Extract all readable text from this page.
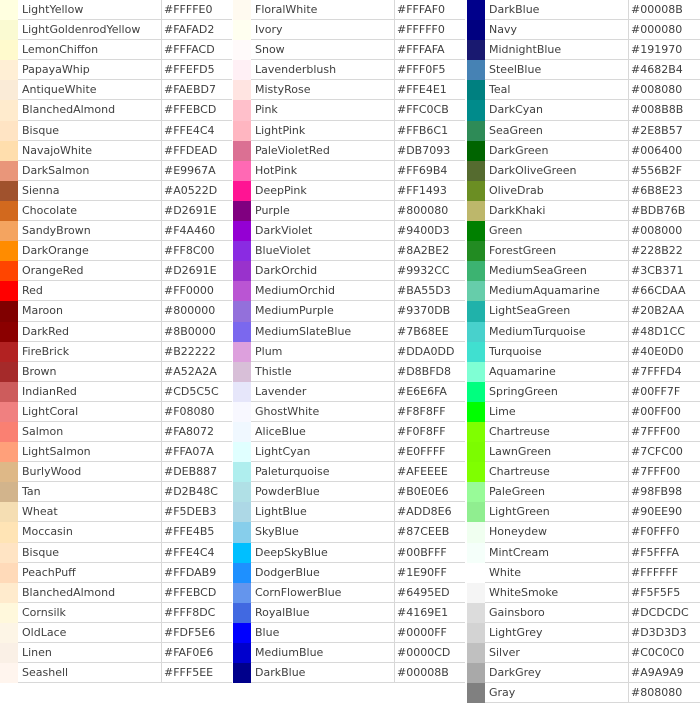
LightYellow	#FFFFE0
LightGoldenrodYellow	#FAFAD2
LemonChiffon	#FFFACD
PapayaWhip	#FFEFD5
AntiqueWhite	#FAEBD7
BlanchedAlmond	#FFEBCD
Bisque	#FFE4C4
NavajoWhite	#FFDEAD
DarkSalmon	#E9967A
Sienna	#A0522D
Chocolate	#D2691E
SandyBrown	#F4A460
DarkOrange	#FF8C00
OrangeRed	#D2691E
Red	#FF0000
Maroon	#800000
DarkRed	#8B0000
FireBrick	#B22222
Brown	#A52A2A
IndianRed	#CD5C5C
LightCoral	#F08080
Salmon	#FA8072
LightSalmon	#FFA07A
BurlyWood	#DEB887
Tan	#D2B48C
Wheat	#F5DEB3
Moccasin	#FFE4B5
Bisque	#FFE4C4
PeachPuff	#FFDAB9
BlanchedAlmond	#FFEBCD
Cornsilk	#FFF8DC
OldLace	#FDF5E6
Linen	#FAF0E6
Seashell	#FFF5EE
FloralWhite	#FFFAF0
Ivory	#FFFFF0
Snow	#FFFAFA
Lavenderblush	#FFF0F5
MistyRose	#FFE4E1
Pink	#FFC0CB
LightPink	#FFB6C1
PaleVioletRed	#DB7093
HotPink	#FF69B4
DeepPink	#FF1493
Purple	#800080
DarkViolet	#9400D3
BlueViolet	#8A2BE2
DarkOrchid	#9932CC
MediumOrchid	#BA55D3
MediumPurple	#9370DB
MediumSlateBlue	#7B68EE
Plum	#DDA0DD
Thistle	#D8BFD8
Lavender	#E6E6FA
GhostWhite	#F8F8FF
AliceBlue	#F0F8FF
LightCyan	#E0FFFF
Paleturquoise	#AFEEEE
PowderBlue	#B0E0E6
LightBlue	#ADD8E6
SkyBlue	#87CEEB
DeepSkyBlue	#00BFFF
DodgerBlue	#1E90FF
CornFlowerBlue	#6495ED
RoyalBlue	#4169E1
Blue	#0000FF
MediumBlue	#0000CD
DarkBlue	#00008B
DarkBlue	#00008B
Navy	#000080
MidnightBlue	#191970
SteelBlue	#4682B4
Teal	#008080
DarkCyan	#008B8B
SeaGreen	#2E8B57
DarkGreen	#006400
DarkOliveGreen	#556B2F
OliveDrab	#6B8E23
DarkKhaki	#BDB76B
Green	#008000
ForestGreen	#228B22
MediumSeaGreen	#3CB371
MediumAquamarine	#66CDAA
LightSeaGreen	#20B2AA
MediumTurquoise	#48D1CC
Turquoise	#40E0D0
Aquamarine	#7FFFD4
SpringGreen	#00FF7F
Lime	#00FF00
Chartreuse	#7FFF00
LawnGreen	#7CFC00
Chartreuse	#7FFF00
PaleGreen	#98FB98
LightGreen	#90EE90
Honeydew	#F0FFF0
MintCream	#F5FFFA
White	#FFFFFF
WhiteSmoke	#F5F5F5
Gainsboro	#DCDCDC
LightGrey	#D3D3D3
Silver	#C0C0C0
DarkGrey	#A9A9A9
Gray	#808080
